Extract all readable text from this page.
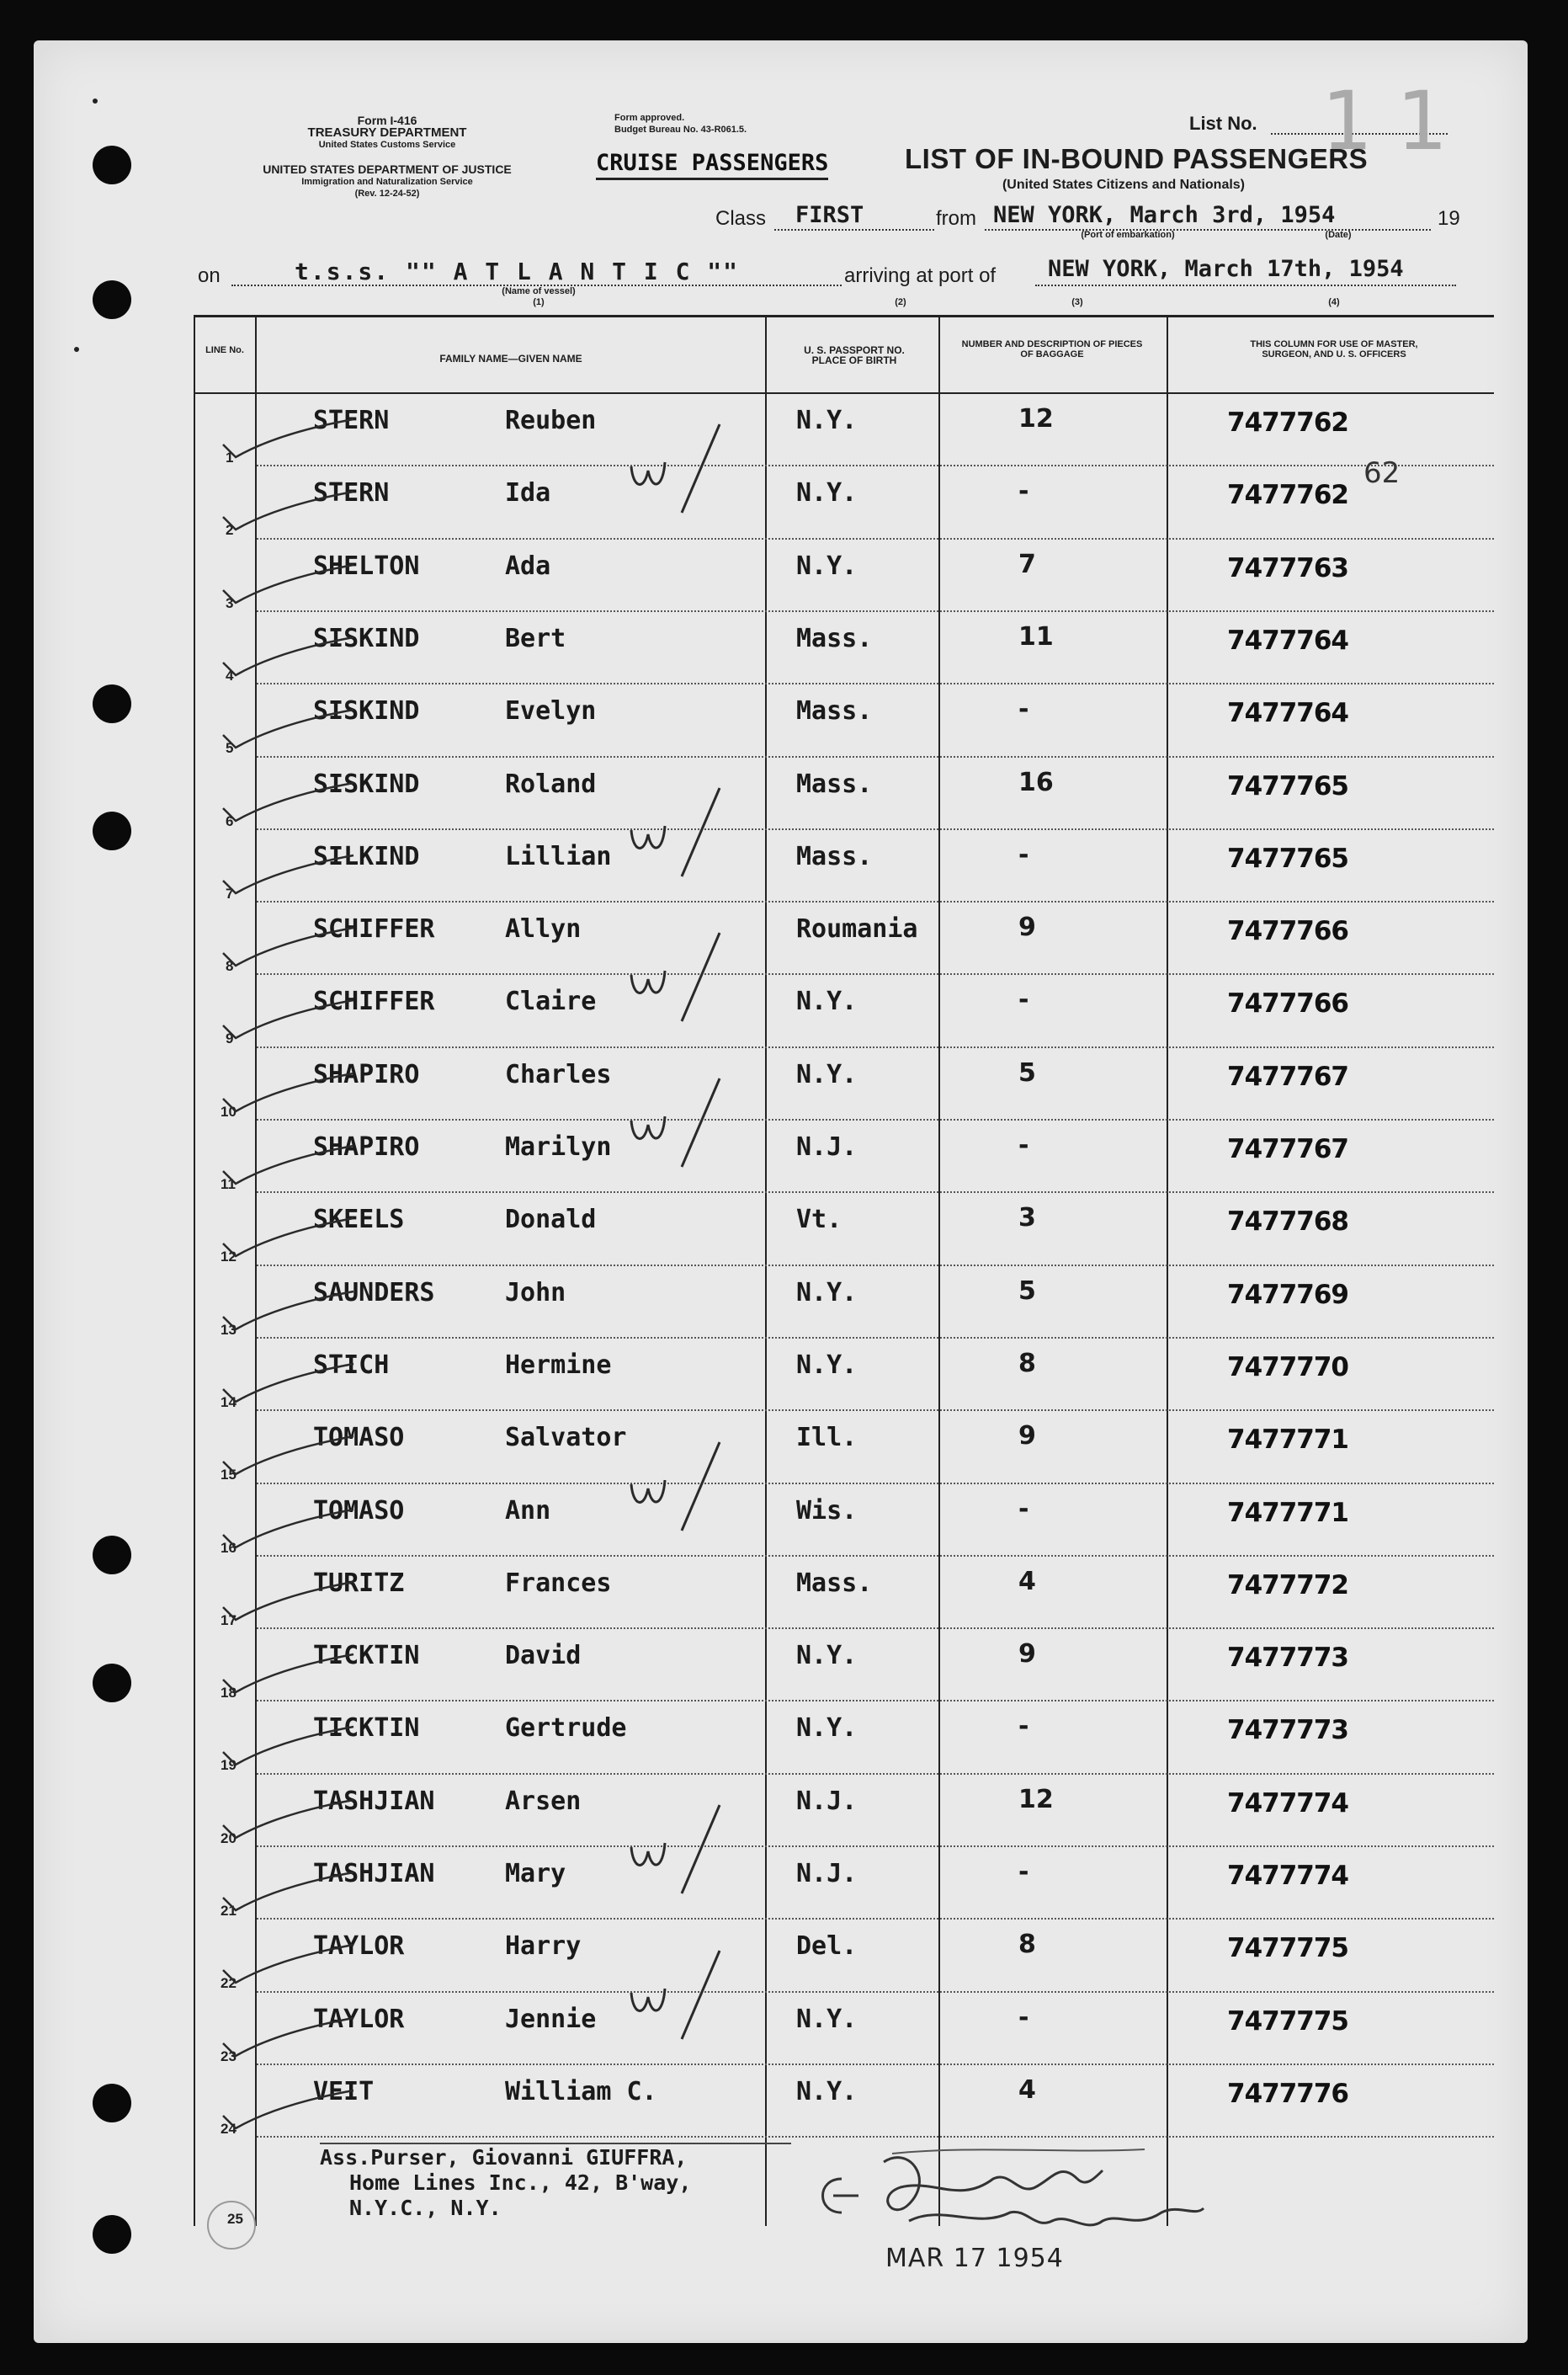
Form I-416
TREASURY DEPARTMENT
United States Customs Service
UNITED STATES DEPARTMENT OF JUSTICE
Immigration and Naturalization Service
(Rev. 12-24-52)
Form approved.
Budget Bureau No. 43-R061.5.
CRUISE PASSENGERS
List No. 11
LIST OF IN-BOUND PASSENGERS
(United States Citizens and Nationals)
Class FIRST	from NEW YORK, March 3rd, 1954	19
(Port of embarkation)	(Date)
on	t.s.s. "" A T L A N T I C ""
(Name of vessel)
(1)
arriving at port of NEW YORK, March 17th, 1954
(2)	(3)	(4)
LINE No.
FAMILY NAME—GIVEN NAME
U. S. PASSPORT NO. PLACE OF BIRTH
NUMBER AND DESCRIPTION OF PIECES OF BAGGAGE
THIS COLUMN FOR USE OF MASTER, SURGEON, AND U. S. OFFICERS
1
STERN	Reuben	N.Y.	12	7477762
2
STERN	Ida	N.Y.	-	7477762
3
SHELTON	Ada	N.Y.	7	7477763
4
SISKIND	Bert	Mass.	11	7477764
5
SISKIND	Evelyn	Mass.	-	7477764
6
SISKIND	Roland	Mass.	16	7477765
7
SILKIND	Lillian	Mass.	-	7477765
8
SCHIFFER	Allyn	Roumania	9	7477766
9
SCHIFFER	Claire	N.Y.	-	7477766
10
SHAPIRO	Charles	N.Y.	5	7477767
11
SHAPIRO	Marilyn	N.J.	-	7477767
12
SKEELS	Donald	Vt.	3	7477768
13
SAUNDERS	John	N.Y.	5	7477769
14
STICH	Hermine	N.Y.	8	7477770
15
TOMASO	Salvator	Ill.	9	7477771
16
TOMASO	Ann	Wis.	-	7477771
17
TURITZ	Frances	Mass.	4	7477772
18
TICKTIN	David	N.Y.	9	7477773
19
TICKTIN	Gertrude	N.Y.	-	7477773
20
TASHJIAN	Arsen	N.J.	12	7477774
21
TASHJIAN	Mary	N.J.	-	7477774
22
TAYLOR	Harry	Del.	8	7477775
23
TAYLOR	Jennie	N.Y.	-	7477775
24
VEIT	William C.	N.Y.	4	7477776
25
62
Ass.Purser, Giovanni GIUFFRA,
Home Lines Inc., 42, B'way,
N.Y.C., N.Y.
MAR 17 1954
